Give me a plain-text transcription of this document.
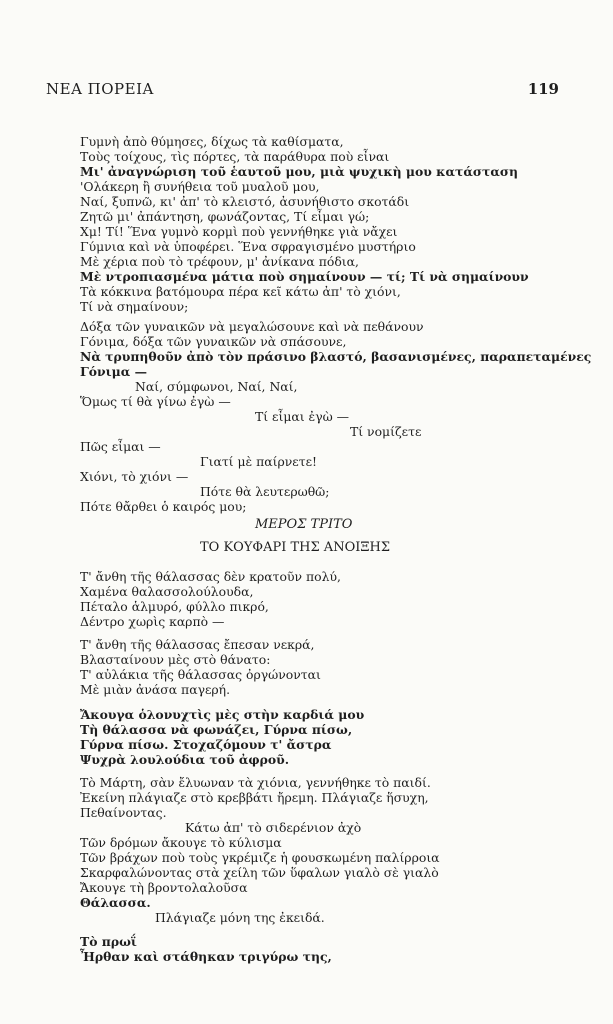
ΝΕΑ ΠΟΡΕΙΑ	119
Γυμνὴ ἀπὸ θύμησες, δίχως τὰ καθίσματα,
Τοὺς τοίχους, τὶς πόρτες, τὰ παράθυρα ποὺ εἶναι
Μι' ἀναγνώριση τοῦ ἑαυτοῦ μου, μιὰ ψυχικὴ μου κατάσταση
'Ολάκερη ἢ συνήθεια τοῦ μυαλοῦ μου,
Ναί, ξυπνῶ, κι' ἀπ' τὸ κλειστό, ἀσυνήθιστο σκοτάδι
Ζητῶ μι' ἀπάντηση, φωνάζοντας, Τί εἶμαι γώ;
Χμ! Τί! Ἕνα γυμνὸ κορμὶ ποὺ γεννήθηκε γιὰ νἄχει
Γύμνια καὶ νὰ ὑποφέρει. Ἕνα σφραγισμένο μυστήριο
Μὲ χέρια ποὺ τὸ τρέφουν, μ' ἀνίκανα πόδια,
Μὲ ντροπιασμένα μάτια ποὺ σημαίνουν — τί; Τί νὰ σημαίνουν
Τὰ κόκκινα βατόμουρα πέρα κεῖ κάτω ἀπ' τὸ χιόνι,
Τί νὰ σημαίνουν;
Δόξα τῶν γυναικῶν νὰ μεγαλώσουνε καὶ νὰ πεθάνουν
Γόνιμα, δόξα τῶν γυναικῶν νὰ σπάσουνε,
Νὰ τρυπηθοῦν ἀπὸ τὸν πράσινο βλαστό, βασανισμένες, παραπεταμένες
Γόνιμα —
Ναί, σύμφωνοι, Ναί, Ναί,
Ὅμως τί θὰ γίνω ἐγὼ —
Τί εἶμαι ἐγὼ —
Τί νομίζετε
Πῶς εἶμαι —
Γιατί μὲ παίρνετε!
Χιόνι, τὸ χιόνι —
Πότε θὰ λευτερωθῶ;
Πότε θἄρθει ὁ καιρός μου;
ΜΕΡΟΣ ΤΡΙΤΟ
ΤΟ ΚΟΥΦΑΡΙ ΤΗΣ ΑΝΟΙΞΗΣ
Τ' ἄνθη τῆς θάλασσας δὲν κρατοῦν πολύ,
Χαμένα θαλασσολούλουδα,
Πέταλο ἁλμυρό, φύλλο πικρό,
Δέντρο χωρὶς καρπὸ —
Τ' ἄνθη τῆς θάλασσας ἔπεσαν νεκρά,
Βλασταίνουν μὲς στὸ θάνατο:
Τ' αὐλάκια τῆς θάλασσας ὀργώνονται
Μὲ μιὰν ἀνάσα παγερή.
Ἄκουγα ὁλονυχτὶς μὲς στὴν καρδιά μου
Τὴ θάλασσα νὰ φωνάζει, Γύρνα πίσω,
Γύρνα πίσω. Στοχαζόμουν τ' ἄστρα
Ψυχρὰ λουλούδια τοῦ ἀφροῦ.
Τὸ Μάρτη, σὰν ἔλυωναν τὰ χιόνια, γεννήθηκε τὸ παιδί.
Ἐκείνη πλάγιαζε στὸ κρεββάτι ἤρεμη. Πλάγιαζε ἥσυχη,
Πεθαίνοντας.
Κάτω ἀπ' τὸ σιδερένιον ἀχὸ
Τῶν δρόμων ἄκουγε τὸ κύλισμα
Τῶν βράχων ποὺ τοὺς γκρέμιζε ἡ φουσκωμένη παλίρροια
Σκαρφαλώνοντας στὰ χείλη τῶν ὕφαλων γιαλὸ σὲ γιαλὸ
Ἄκουγε τὴ βροντολαλοῦσα
Θάλασσα.
Πλάγιαζε μόνη της ἐκειδά.
Τὸ πρωΐ
Ἦρθαν καὶ στάθηκαν τριγύρω της,
